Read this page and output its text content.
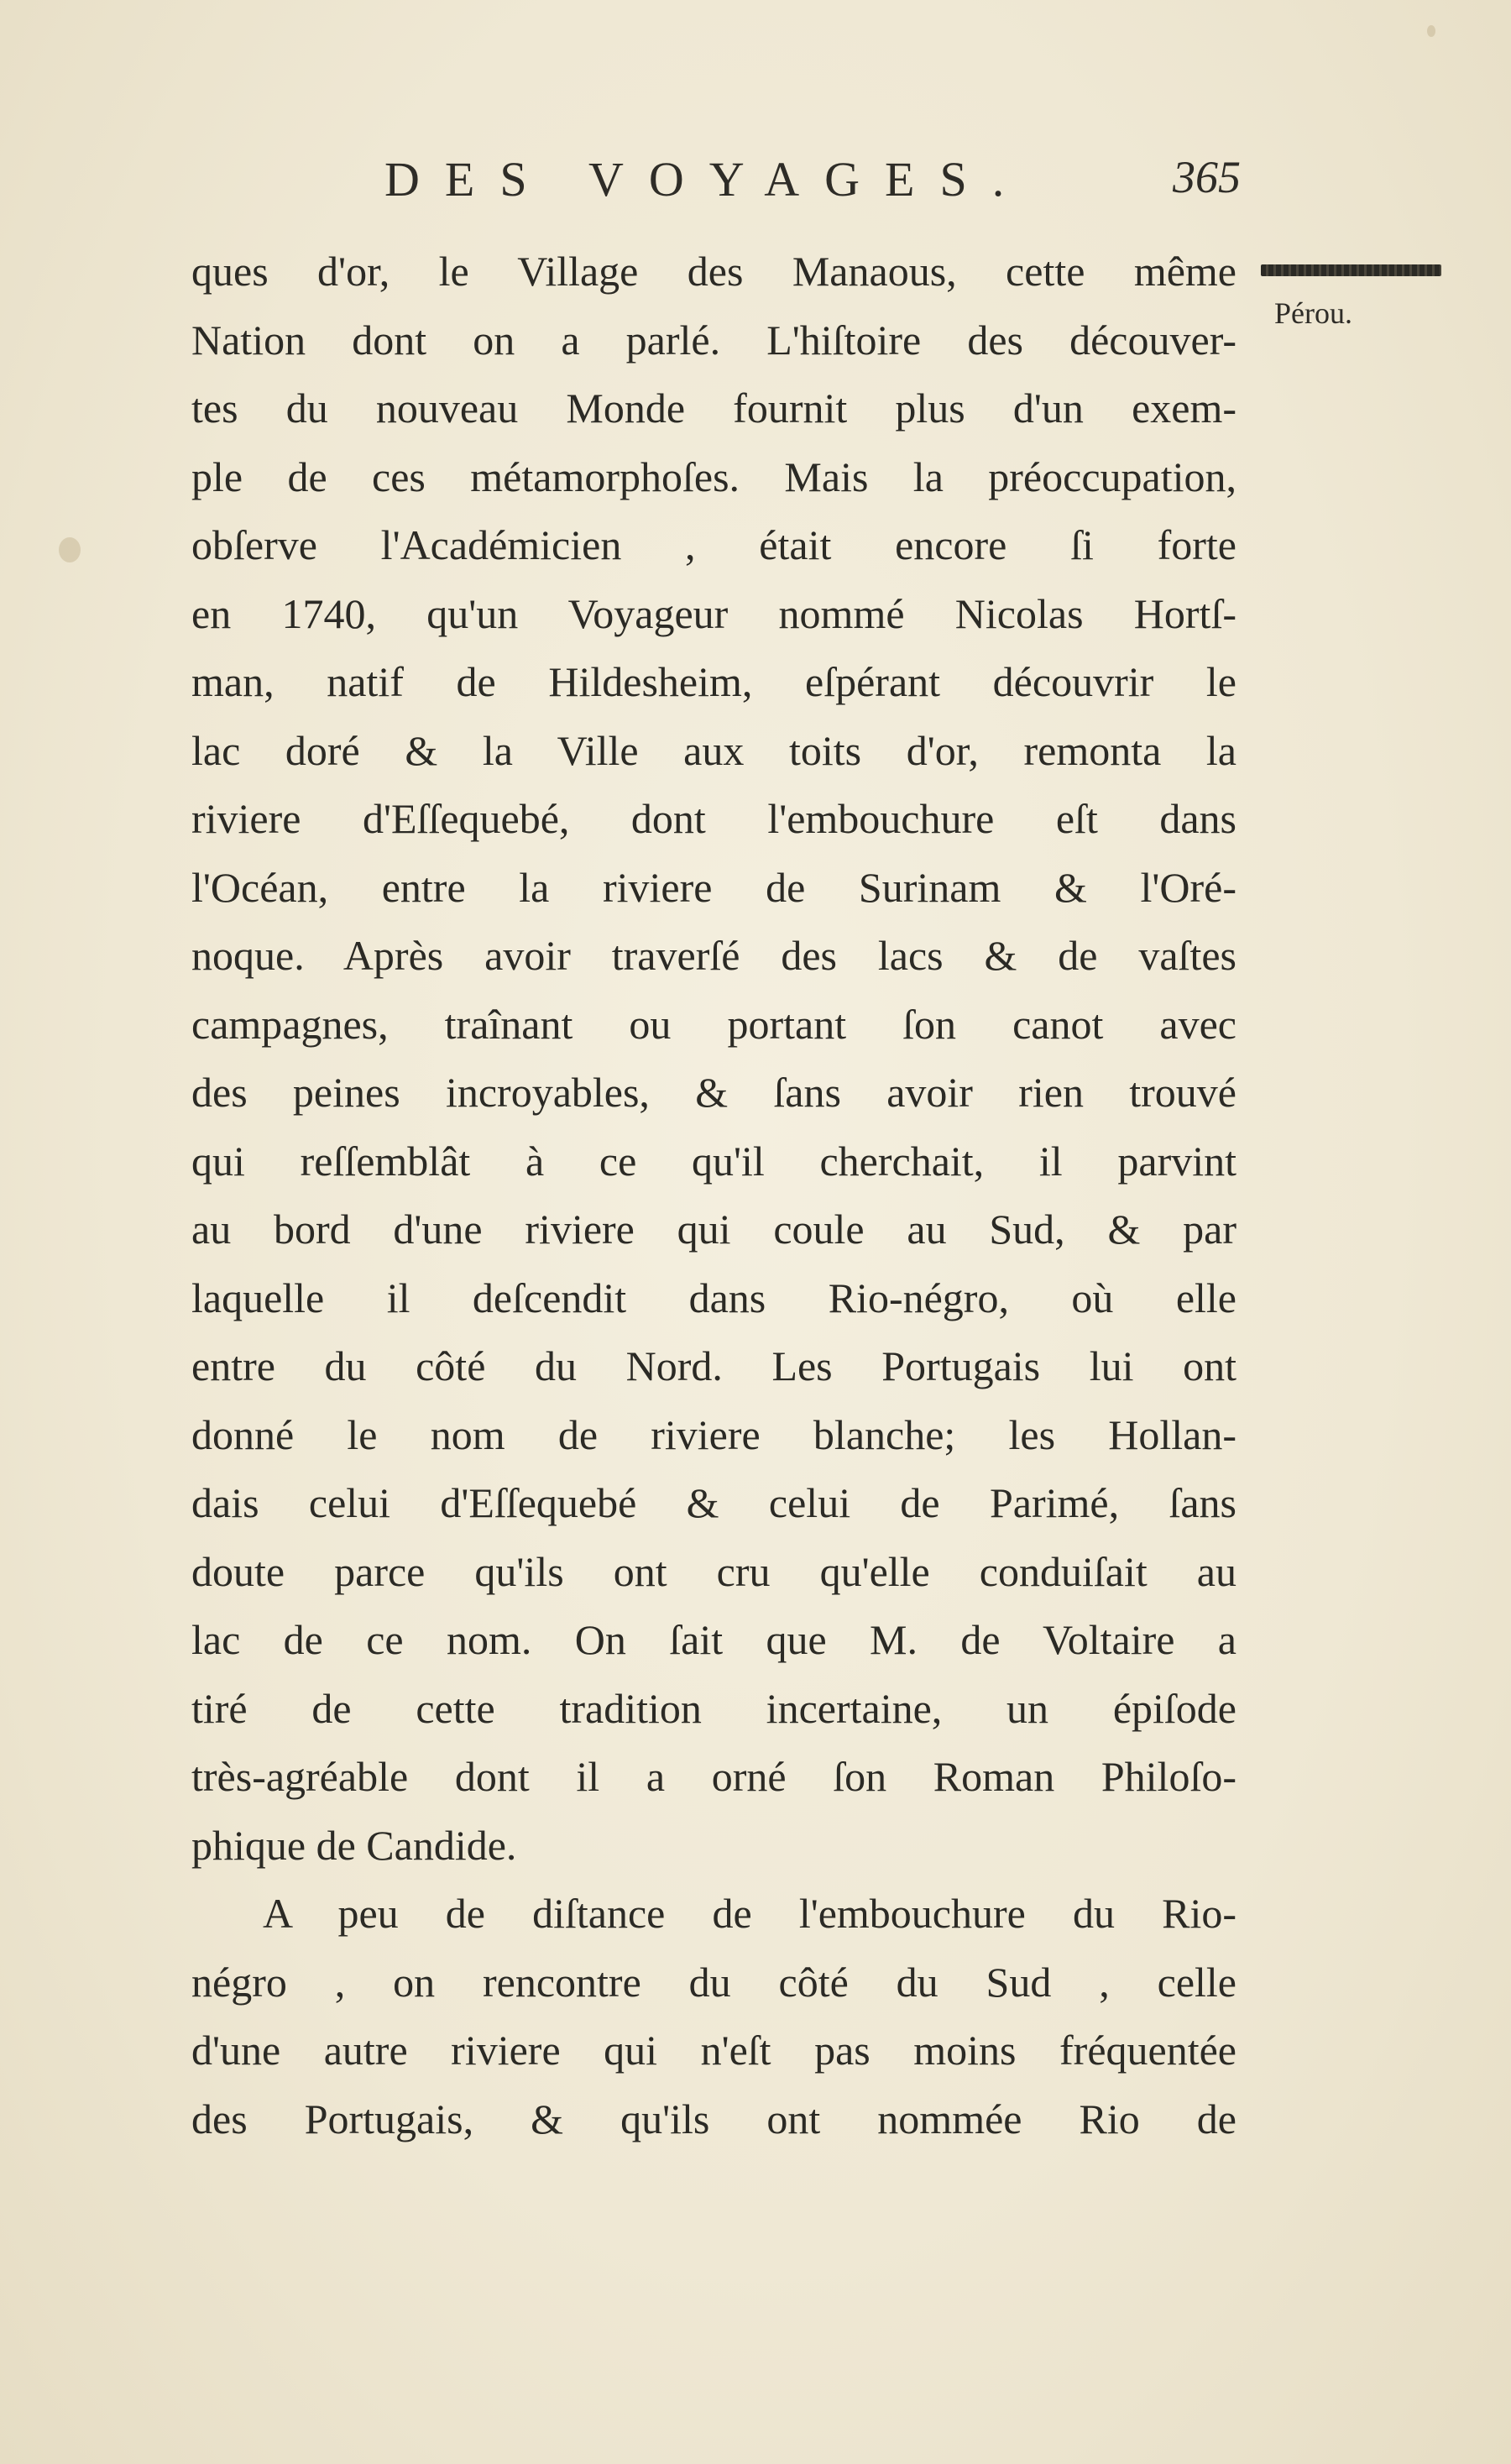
DES VOYAGES.	365
Pérou.
ques d'or, le Village des Manaous, cette même
Nation dont on a parlé. L'hiſtoire des découver-
tes du nouveau Monde fournit plus d'un exem-
ple de ces métamorphoſes. Mais la préoccupation,
obſerve l'Académicien , était encore ſi forte
en 1740, qu'un Voyageur nommé Nicolas Hortſ-
man, natif de Hildesheim, eſpérant découvrir le
lac doré & la Ville aux toits d'or, remonta la
riviere d'Eſſequebé, dont l'embouchure eſt dans
l'Océan, entre la riviere de Surinam & l'Oré-
noque. Après avoir traverſé des lacs & de vaſtes
campagnes, traînant ou portant ſon canot avec
des peines incroyables, & ſans avoir rien trouvé
qui reſſemblât à ce qu'il cherchait, il parvint
au bord d'une riviere qui coule au Sud, & par
laquelle il deſcendit dans Rio-négro, où elle
entre du côté du Nord. Les Portugais lui ont
donné le nom de riviere blanche; les Hollan-
dais celui d'Eſſequebé & celui de Parimé, ſans
doute parce qu'ils ont cru qu'elle conduiſait au
lac de ce nom. On ſait que M. de Voltaire a
tiré de cette tradition incertaine, un épiſode
très-agréable dont il a orné ſon Roman Philoſo-
phique de Candide.
A peu de diſtance de l'embouchure du Rio-
négro , on rencontre du côté du Sud , celle
d'une autre riviere qui n'eſt pas moins fréquentée
des Portugais, & qu'ils ont nommée Rio de
